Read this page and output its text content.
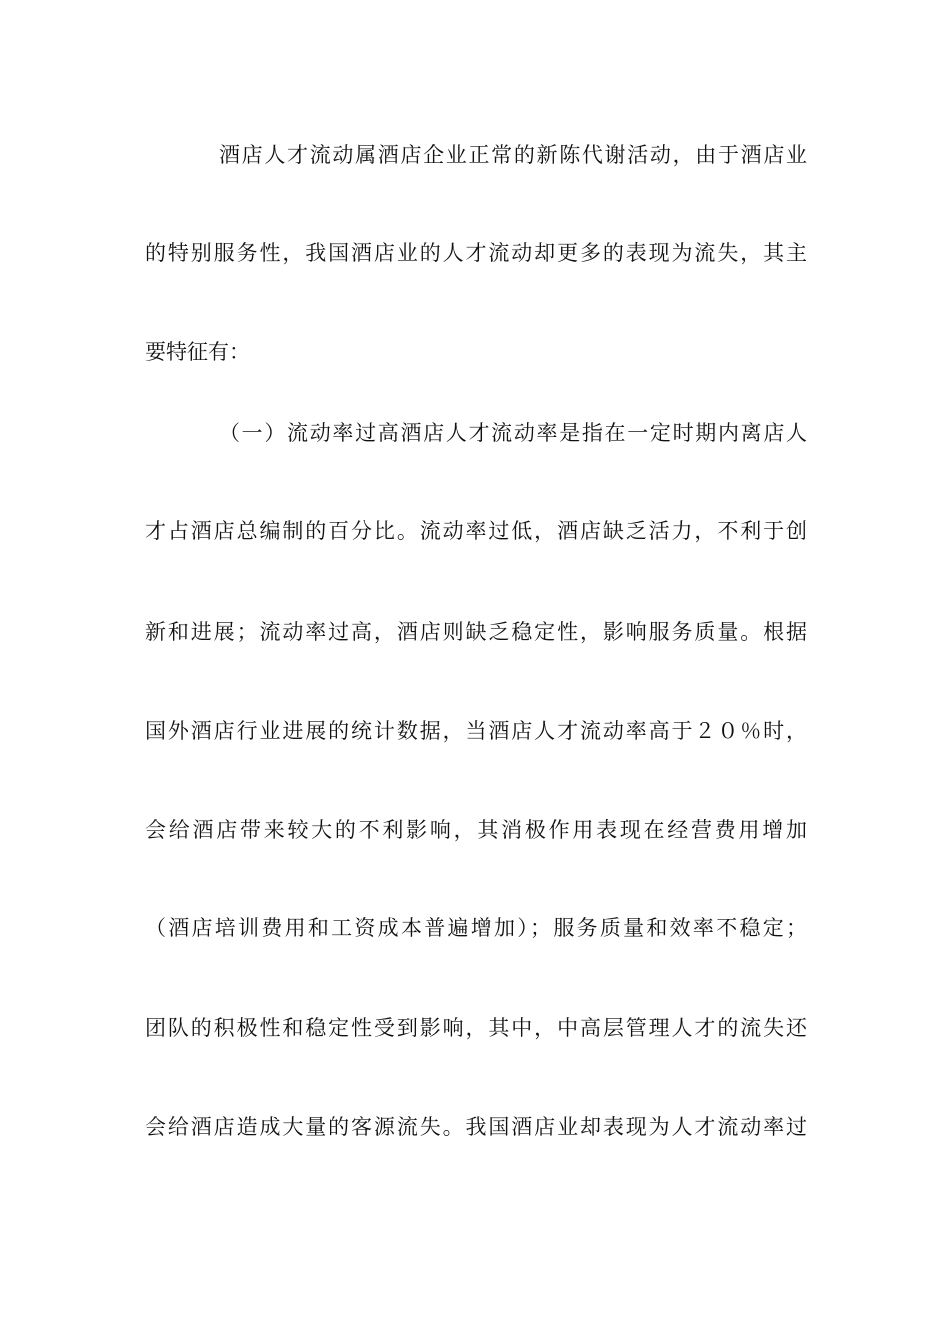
酒店人才流动属酒店企业正常的新陈代谢活动，由于酒店业
的特别服务性，我国酒店业的人才流动却更多的表现为流失，其主
要特征有：
（一）流动率过高酒店人才流动率是指在一定时期内离店人
才占酒店总编制的百分比。流动率过低，酒店缺乏活力，不利于创
新和进展；流动率过高，酒店则缺乏稳定性，影响服务质量。根据
国外酒店行业进展的统计数据，当酒店人才流动率高于２０％时，
会给酒店带来较大的不利影响，其消极作用表现在经营费用增加
（酒店培训费用和工资成本普遍增加）；服务质量和效率不稳定；
团队的积极性和稳定性受到影响，其中，中高层管理人才的流失还
会给酒店造成大量的客源流失。我国酒店业却表现为人才流动率过
